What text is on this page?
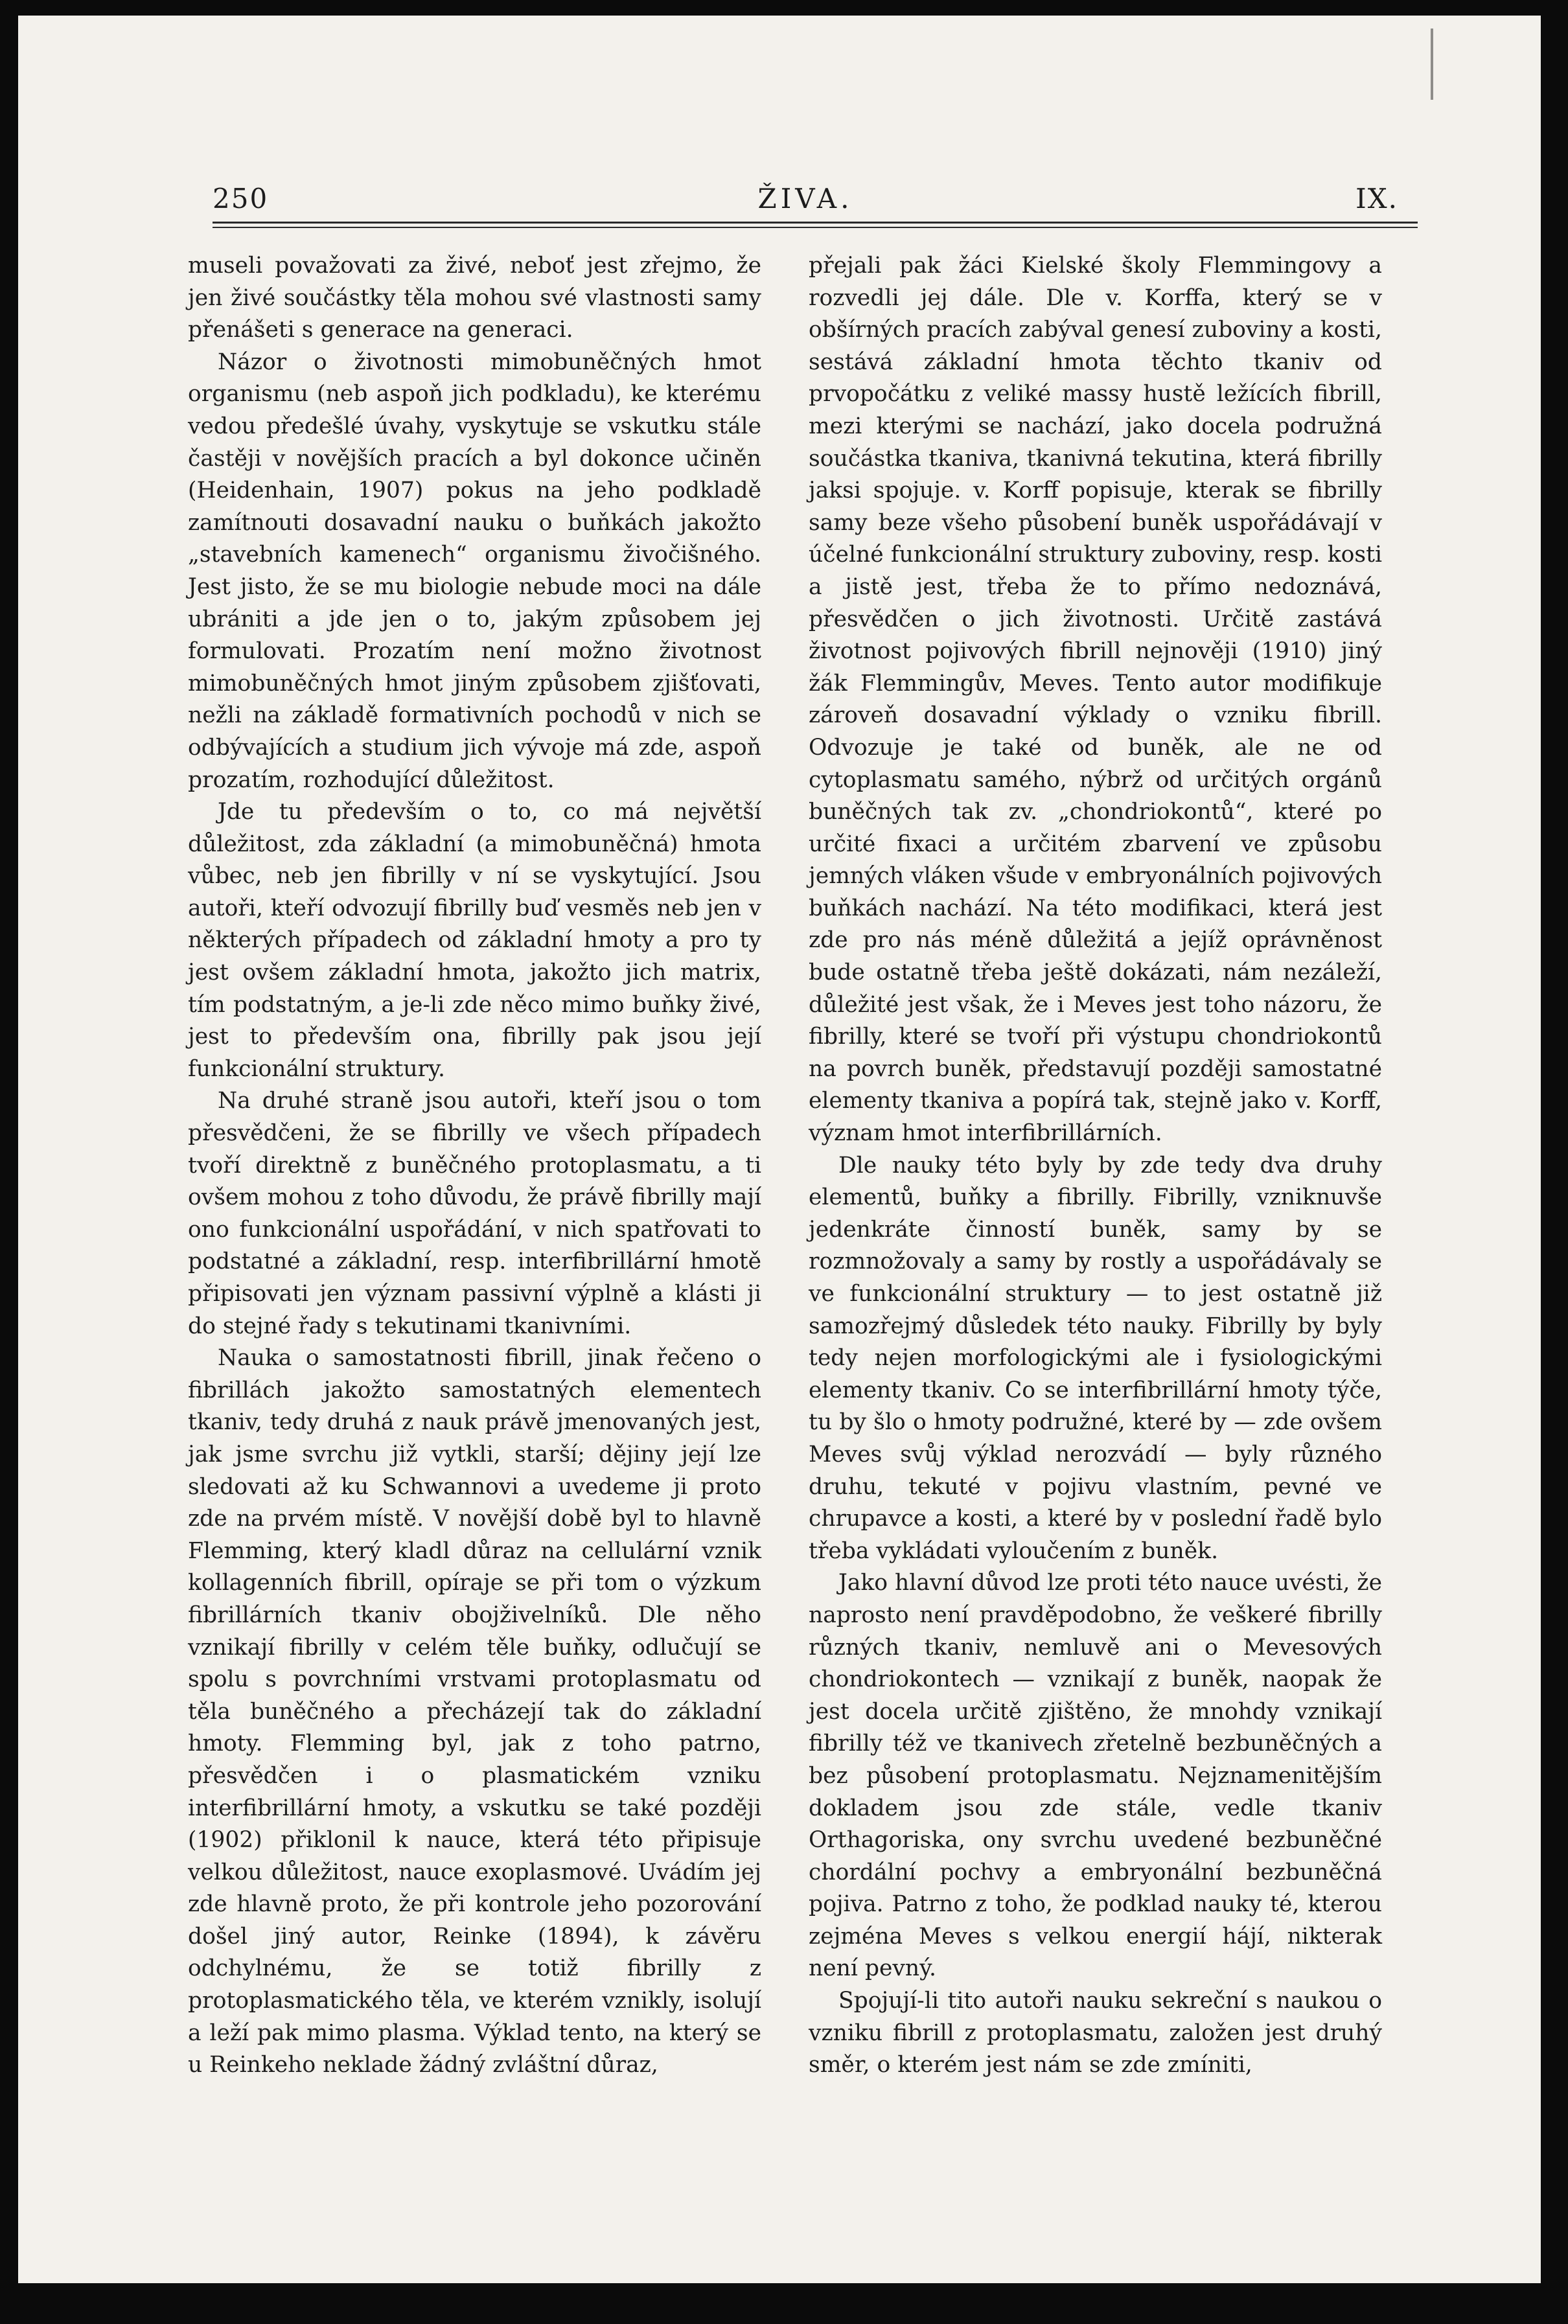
250	ŽIVA.	IX.

museli považovati za živé, neboť jest zřejmo, že jen živé součástky těla mohou své vlastnosti samy přenášeti s generace na generaci.

Názor o životnosti mimobuněčných hmot organismu (neb aspoň jich podkladu), ke kterému vedou předešlé úvahy, vyskytuje se vskutku stále častěji v novějších pracích a byl dokonce učiněn (Heidenhain, 1907) pokus na jeho podkladě zamítnouti dosavadní nauku o buňkách jakožto „stavebních kamenech“ organismu živočišného. Jest jisto, že se mu biologie nebude moci na dále ubrániti a jde jen o to, jakým způsobem jej formulovati. Prozatím není možno životnost mimobuněčných hmot jiným způsobem zjišťovati, nežli na základě formativních pochodů v nich se odbývajících a studium jich vývoje má zde, aspoň prozatím, rozhodující důležitost.

Jde tu především o to, co má největší důležitost, zda základní (a mimobuněčná) hmota vůbec, neb jen fibrilly v ní se vyskytující. Jsou autoři, kteří odvozují fibrilly buď vesměs neb jen v některých případech od základní hmoty a pro ty jest ovšem základní hmota, jakožto jich matrix, tím podstatným, a je-li zde něco mimo buňky živé, jest to především ona, fibrilly pak jsou její funkcionální struktury.

Na druhé straně jsou autoři, kteří jsou o tom přesvědčeni, že se fibrilly ve všech případech tvoří direktně z buněčného protoplasmatu, a ti ovšem mohou z toho důvodu, že právě fibrilly mají ono funkcionální uspořádání, v nich spatřovati to podstatné a základní, resp. interfibrillární hmotě připisovati jen význam passivní výplně a klásti ji do stejné řady s tekutinami tkanivními.

Nauka o samostatnosti fibrill, jinak řečeno o fibrillách jakožto samostatných elementech tkaniv, tedy druhá z nauk právě jmenovaných jest, jak jsme svrchu již vytkli, starší; dějiny její lze sledovati až ku Schwannovi a uvedeme ji proto zde na prvém místě. V novější době byl to hlavně Flemming, který kladl důraz na cellulární vznik kollagenních fibrill, opíraje se při tom o výzkum fibrillárních tkaniv obojživelníků. Dle něho vznikají fibrilly v celém těle buňky, odlučují se spolu s povrchními vrstvami protoplasmatu od těla buněčného a přecházejí tak do základní hmoty. Flemming byl, jak z toho patrno, přesvědčen i o plasmatickém vzniku interfibrillární hmoty, a vskutku se také později (1902) přiklonil k nauce, která této připisuje velkou důležitost, nauce exoplasmové. Uvádím jej zde hlavně proto, že při kontrole jeho pozorování došel jiný autor, Reinke (1894), k závěru odchylnému, že se totiž fibrilly z protoplasmatického těla, ve kterém vznikly, isolují a leží pak mimo plasma. Výklad tento, na který se u Reinkeho neklade žádný zvláštní důraz,

přejali pak žáci Kielské školy Flemmingovy a rozvedli jej dále. Dle v. Korffa, který se v obšírných pracích zabýval genesí zuboviny a kosti, sestává základní hmota těchto tkaniv od prvopočátku z veliké massy hustě ležících fibrill, mezi kterými se nachází, jako docela podružná součástka tkaniva, tkanivná tekutina, která fibrilly jaksi spojuje. v. Korff popisuje, kterak se fibrilly samy beze všeho působení buněk uspořádávají v účelné funkcionální struktury zuboviny, resp. kosti a jistě jest, třeba že to přímo nedoznává, přesvědčen o jich životnosti. Určitě zastává životnost pojivových fibrill nejnověji (1910) jiný žák Flemmingův, Meves. Tento autor modifikuje zároveň dosavadní výklady o vzniku fibrill. Odvozuje je také od buněk, ale ne od cytoplasmatu samého, nýbrž od určitých orgánů buněčných tak zv. „chondriokontů“, které po určité fixaci a určitém zbarvení ve způsobu jemných vláken všude v embryonálních pojivových buňkách nachází. Na této modifikaci, která jest zde pro nás méně důležitá a jejíž oprávněnost bude ostatně třeba ještě dokázati, nám nezáleží, důležité jest však, že i Meves jest toho názoru, že fibrilly, které se tvoří při výstupu chondriokontů na povrch buněk, představují později samostatné elementy tkaniva a popírá tak, stejně jako v. Korff, význam hmot interfibrillárních.

Dle nauky této byly by zde tedy dva druhy elementů, buňky a fibrilly. Fibrilly, vzniknuvše jedenkráte činností buněk, samy by se rozmnožovaly a samy by rostly a uspořádávaly se ve funkcionální struktury — to jest ostatně již samozřejmý důsledek této nauky. Fibrilly by byly tedy nejen morfologickými ale i fysiologickými elementy tkaniv. Co se interfibrillární hmoty týče, tu by šlo o hmoty podružné, které by — zde ovšem Meves svůj výklad nerozvádí — byly různého druhu, tekuté v pojivu vlastním, pevné ve chrupavce a kosti, a které by v poslední řadě bylo třeba vykládati vyloučením z buněk.

Jako hlavní důvod lze proti této nauce uvésti, že naprosto není pravděpodobno, že veškeré fibrilly různých tkaniv, nemluvě ani o Mevesových chondriokontech — vznikají z buněk, naopak že jest docela určitě zjištěno, že mnohdy vznikají fibrilly též ve tkanivech zřetelně bezbuněčných a bez působení protoplasmatu. Nejznamenitějším dokladem jsou zde stále, vedle tkaniv Orthagoriska, ony svrchu uvedené bezbuněčné chordální pochvy a embryonální bezbuněčná pojiva. Patrno z toho, že podklad nauky té, kterou zejména Meves s velkou energií hájí, nikterak není pevný.

Spojují-li tito autoři nauku sekreční s naukou o vzniku fibrill z protoplasmatu, založen jest druhý směr, o kterém jest nám se zde zmíniti,
